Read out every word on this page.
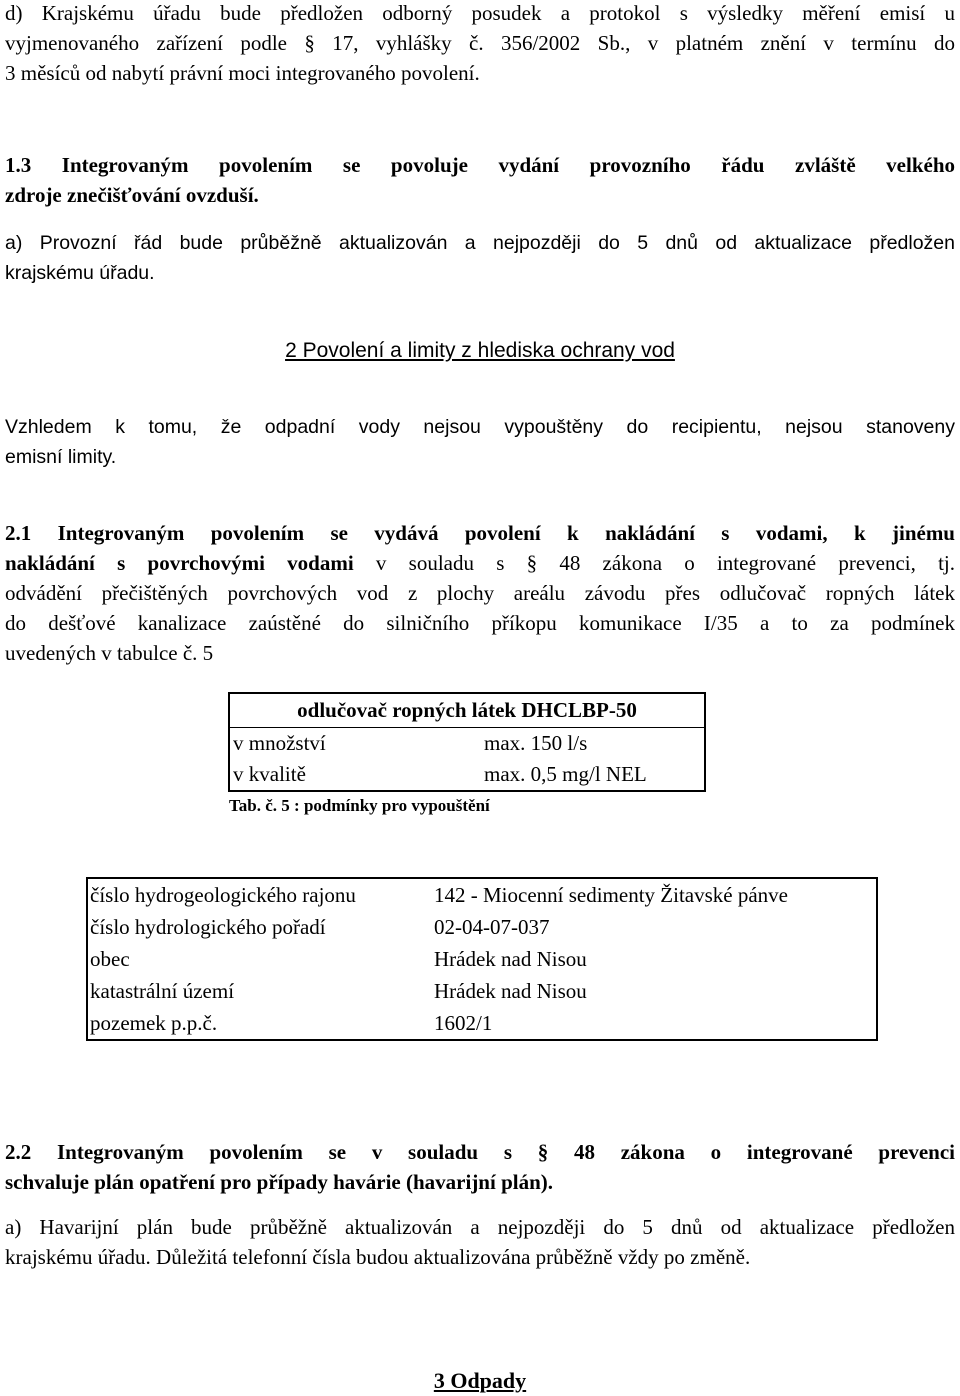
d) Krajskému úřadu bude předložen odborný posudek a protokol s výsledky měření emisí u
vyjmenovaného zařízení podle § 17, vyhlášky č. 356/2002 Sb., v platném znění v termínu do
3 měsíců od nabytí právní moci integrovaného povolení.
1.3 Integrovaným povolením se povoluje vydání provozního řádu zvláště velkého
zdroje znečišťování ovzduší.
a) Provozní řád bude průběžně aktualizován a nejpozději do 5 dnů od aktualizace předložen
krajskému úřadu.
2 Povolení a limity z hlediska ochrany vod
Vzhledem k tomu, že odpadní vody nejsou vypouštěny do recipientu, nejsou stanoveny
emisní limity.
2.1 Integrovaným povolením se vydává povolení k nakládání s vodami, k jinému
nakládání s povrchovými vodami v souladu s § 48 zákona o integrované prevenci, tj.
odvádění přečištěných povrchových vod z plochy areálu závodu přes odlučovač ropných látek
do dešťové kanalizace zaústěné do silničního příkopu komunikace I/35 a to za podmínek
uvedených v tabulce č. 5
odlučovač ropných látek DHCLBP-50
v množství	max. 150 l/s
v kvalitě	max. 0,5 mg/l NEL
Tab. č. 5 : podmínky pro vypouštění
číslo hydrogeologického rajonu	142 - Miocenní sedimenty Žitavské pánve
číslo hydrologického pořadí	02-04-07-037
obec	Hrádek nad Nisou
katastrální území	Hrádek nad Nisou
pozemek p.p.č.	1602/1
2.2 Integrovaným povolením se v souladu s § 48 zákona o integrované prevenci
schvaluje plán opatření pro případy havárie (havarijní plán).
a) Havarijní plán bude průběžně aktualizován a nejpozději do 5 dnů od aktualizace předložen
krajskému úřadu. Důležitá telefonní čísla budou aktualizována průběžně vždy po změně.
3 Odpady
